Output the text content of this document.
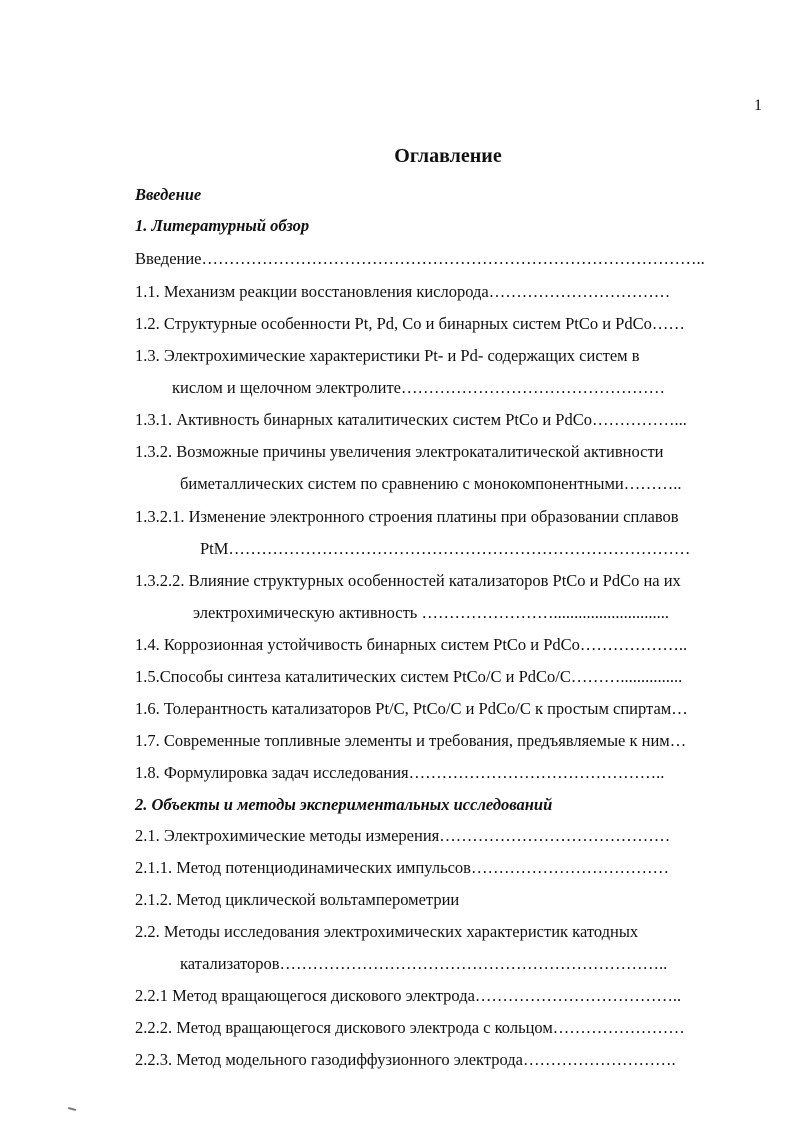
1
Оглавление
Введение
1. Литературный обзор
Введение………………………………………………………………………………..
1.1. Механизм реакции восстановления кислорода……………………………
1.2. Структурные особенности Pt, Pd, Co и бинарных систем PtCo и PdCo……
1.3. Электрохимические характеристики Pt- и Pd- содержащих систем в
кислом и щелочном электролите…………………………………………
1.3.1. Активность бинарных каталитических систем PtCo и PdCo……………...
1.3.2. Возможные причины увеличения электрокаталитической активности
биметаллических систем по сравнению с монокомпонентными………..
1.3.2.1. Изменение электронного строения платины при образовании сплавов
PtM…………………………………………………………………………
1.3.2.2. Влияние структурных особенностей катализаторов PtCo и PdCo на их
электрохимическую активность ……………………............................
1.4. Коррозионная устойчивость бинарных систем PtCo и PdCo………………..
1.5.Способы синтеза каталитических систем PtCo/C и PdCo/C………...............
1.6. Толерантность катализаторов Pt/C, PtCo/C и PdCo/C к простым спиртам…
1.7. Современные топливные элементы и требования, предъявляемые к ним…
1.8. Формулировка задач исследования………………………………………..
2. Объекты и методы экспериментальных исследований
2.1. Электрохимические методы измерения……………………………………
2.1.1. Метод потенциодинамических импульсов………………………………
2.1.2. Метод циклической вольтамперометрии
2.2. Методы исследования электрохимических характеристик катодных
катализаторов……………………………………………………………..
2.2.1 Метод вращающегося дискового электрода………………………………..
2.2.2. Метод вращающегося дискового электрода с кольцом……………………
2.2.3. Метод модельного газодиффузионного электрода……………………….
